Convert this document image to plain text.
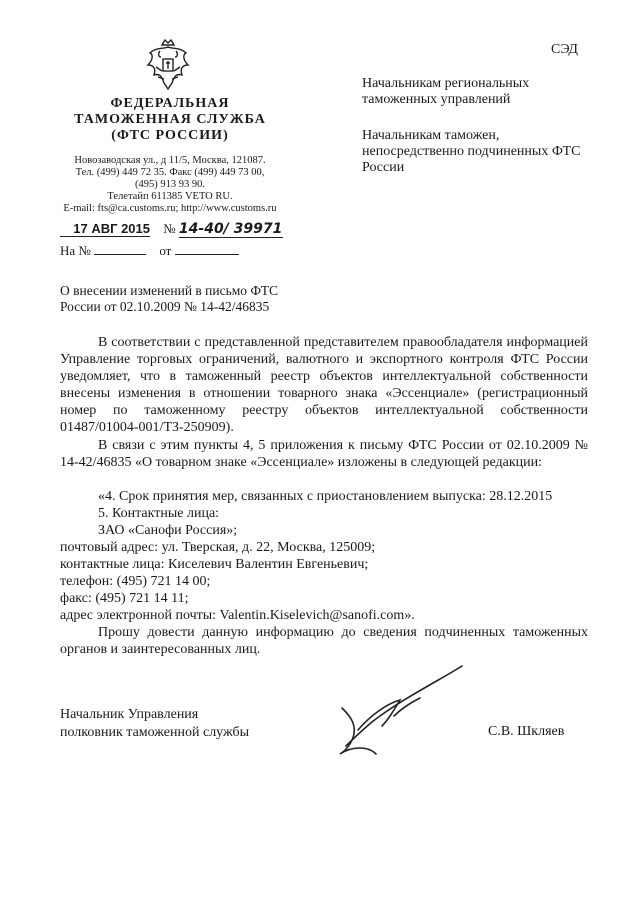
СЭД
ФЕДЕРАЛЬНАЯ
ТАМОЖЕННАЯ СЛУЖБА
(ФТС РОССИИ)
Новозаводская ул., д 11/5, Москва, 121087.
Тел. (499) 449 72 35. Факс (499) 449 73 00,
(495) 913 93 90.
Телетайп 611385 VETO RU.
E-mail: fts@ca.customs.ru; http://www.customs.ru
17 АВГ 2015 № 14-40/ 39971
На №	от
Начальникам региональных таможенных управлений
Начальникам таможен, непосредственно подчиненных ФТС России
О внесении изменений в письмо ФТС России от 02.10.2009 № 14-42/46835
В соответствии с представленной представителем правообладателя информацией Управление торговых ограничений, валютного и экспортного контроля ФТС России уведомляет, что в таможенный реестр объектов интеллектуальной собственности внесены изменения в отношении товарного знака «Эссенциале» (регистрационный номер по таможенному реестру объектов интеллектуальной собственности 01487/01004-001/ТЗ-250909).
В связи с этим пункты 4, 5 приложения к письму ФТС России от 02.10.2009 № 14-42/46835 «О товарном знаке «Эссенциале» изложены в следующей редакции:
«4. Срок принятия мер, связанных с приостановлением выпуска: 28.12.2015
5. Контактные лица:
ЗАО «Санофи Россия»;
почтовый адрес: ул. Тверская, д. 22, Москва, 125009;
контактные лица: Киселевич Валентин Евгеньевич;
телефон: (495) 721 14 00;
факс: (495) 721 14 11;
адрес электронной почты: Valentin.Kiselevich@sanofi.com».
Прошу довести данную информацию до сведения подчиненных таможенных органов и заинтересованных лиц.
Начальник Управления
полковник таможенной службы	С.В. Шкляев
